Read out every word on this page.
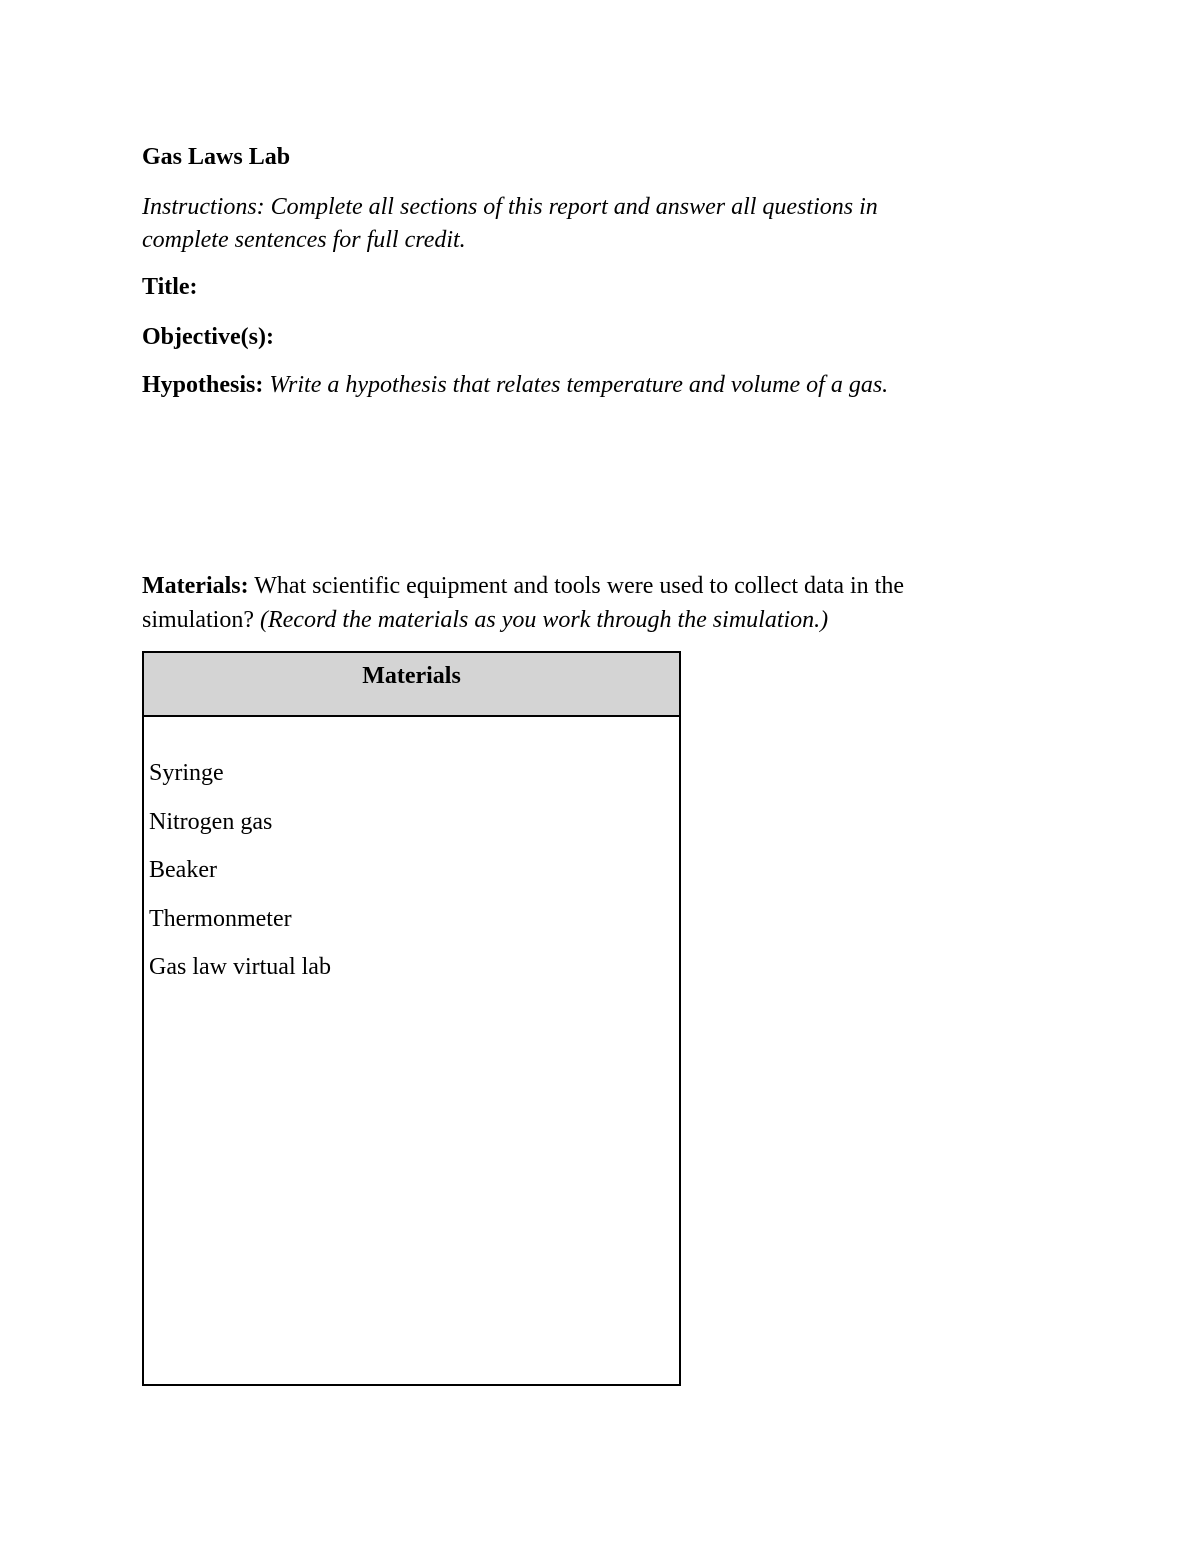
Gas Laws Lab
Instructions: Complete all sections of this report and answer all questions in
complete sentences for full credit.
Title:
Objective(s):
Hypothesis: Write a hypothesis that relates temperature and volume of a gas.
Materials: What scientific equipment and tools were used to collect data in the
simulation? (Record the materials as you work through the simulation.)
Materials
Syringe
Nitrogen gas
Beaker
Thermonmeter
Gas law virtual lab
